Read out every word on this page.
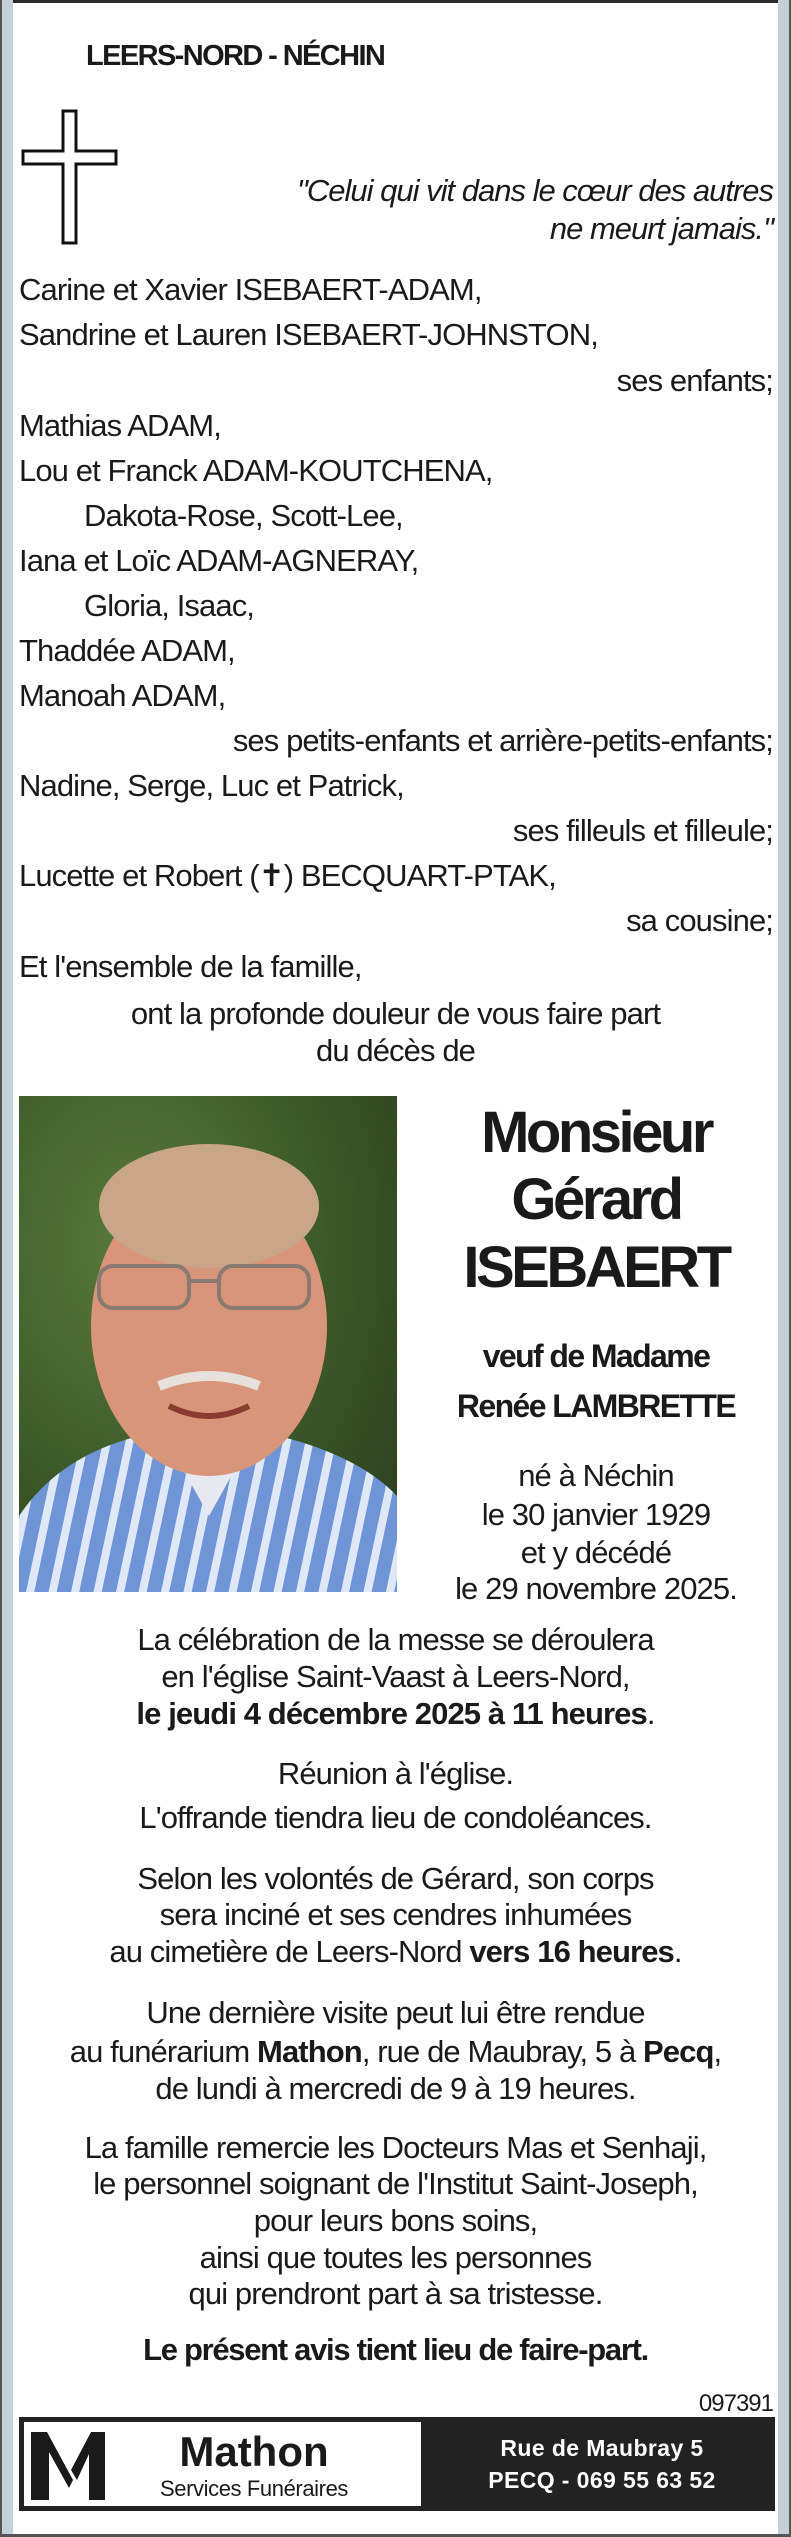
LEERS-NORD - NÉCHIN
"Celui qui vit dans le cœur des autres
ne meurt jamais."
Carine et Xavier ISEBAERT-ADAM,
Sandrine et Lauren ISEBAERT-JOHNSTON,
ses enfants;
Mathias ADAM,
Lou et Franck ADAM-KOUTCHENA,
Dakota-Rose, Scott-Lee,
Iana et Loïc ADAM-AGNERAY,
Gloria, Isaac,
Thaddée ADAM,
Manoah ADAM,
ses petits-enfants et arrière-petits-enfants;
Nadine, Serge, Luc et Patrick,
ses filleuls et filleule;
Lucette et Robert (✝) BECQUART-PTAK,
sa cousine;
Et l'ensemble de la famille,
ont la profonde douleur de vous faire part
du décès de
Monsieur
Gérard
ISEBAERT
veuf de Madame
Renée LAMBRETTE
né à Néchin
le 30 janvier 1929
et y décédé
le 29 novembre 2025.
La célébration de la messe se déroulera
en l'église Saint-Vaast à Leers-Nord,
le jeudi 4 décembre 2025 à 11 heures.
Réunion à l'église.
L'offrande tiendra lieu de condoléances.
Selon les volontés de Gérard, son corps
sera inciné et ses cendres inhumées
au cimetière de Leers-Nord vers 16 heures.
Une dernière visite peut lui être rendue
au funérarium Mathon, rue de Maubray, 5 à Pecq,
de lundi à mercredi de 9 à 19 heures.
La famille remercie les Docteurs Mas et Senhaji,
le personnel soignant de l'Institut Saint-Joseph,
pour leurs bons soins,
ainsi que toutes les personnes
qui prendront part à sa tristesse.
Le présent avis tient lieu de faire-part.
097391
Mathon
Services Funéraires
Rue de Maubray 5
PECQ - 069 55 63 52
